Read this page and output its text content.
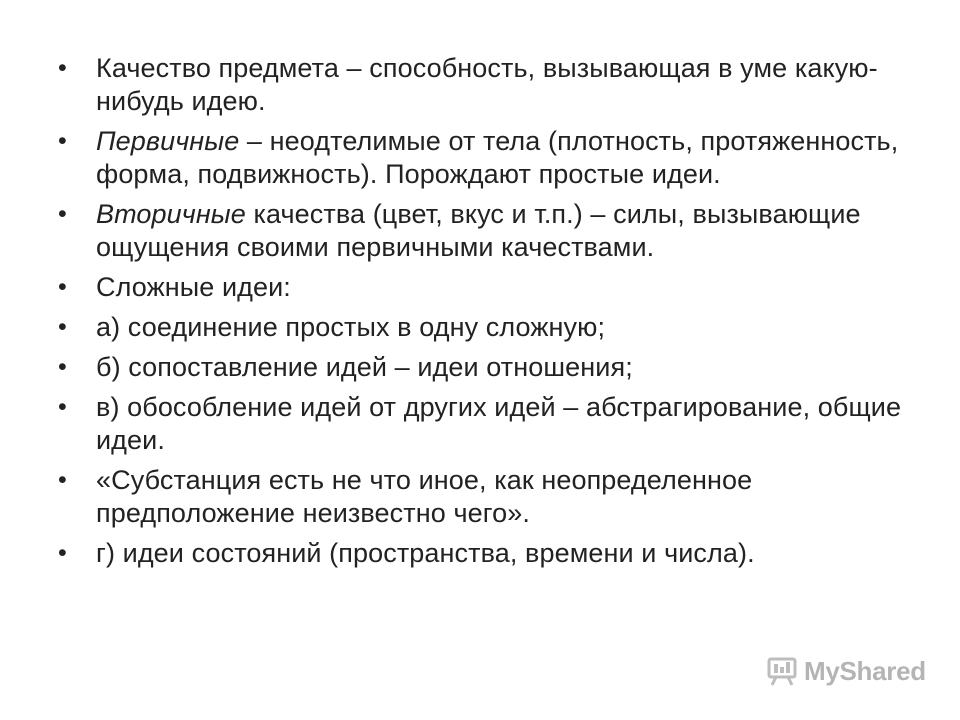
• Качество предмета – способность, вызывающая в уме какую-нибудь идею.
• Первичные – неодтелимые от тела (плотность, протяженность, форма, подвижность). Порождают простые идеи.
• Вторичные качества (цвет, вкус и т.п.) – силы, вызывающие ощущения своими первичными качествами.
• Сложные идеи:
• а) соединение простых в одну сложную;
• б) сопоставление идей – идеи отношения;
• в) обособление идей от других идей – абстрагирование, общие идеи.
• «Субстанция есть не что иное, как неопределенное предположение неизвестно чего».
• г) идеи состояний (пространства, времени и числа).
MyShared
